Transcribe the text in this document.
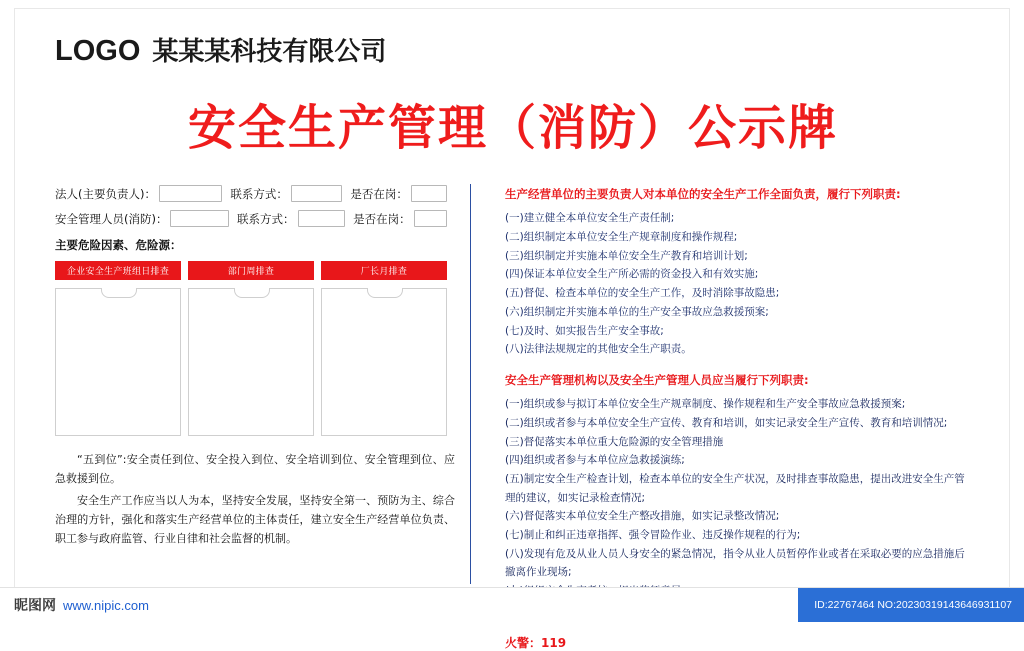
LOGO 某某某科技有限公司
安全生产管理（消防）公示牌
法人(主要负责人)：	联系方式：	是否在岗：
安全管理人员(消防)：	联系方式：	是否在岗：
主要危险因素、危险源：
企业安全生产班组日排查	部门周排查	厂长月排查

“五到位”:安全责任到位、安全投入到位、安全培训到位、安全管理到位、应急救援到位。

安全生产工作应当以人为本，坚持安全发展，坚持安全第一、预防为主、综合治理的方针，强化和落实生产经营单位的主体责任，建立安全生产经营单位负责、职工参与政府监管、行业自律和社会监督的机制。

生产经营单位的主要负责人对本单位的安全生产工作全面负责，履行下列职责:
(一)建立健全本单位安全生产责任制;
(二)组织制定本单位安全生产规章制度和操作规程;
(三)组织制定并实施本单位安全生产教育和培训计划;
(四)保证本单位安全生产所必需的资金投入和有效实施;
(五)督促、检查本单位的安全生产工作，及时消除事故隐患;
(六)组织制定并实施本单位的生产安全事故应急救援预案;
(七)及时、如实报告生产安全事故;
(八)法律法规规定的其他安全生产职责。
安全生产管理机构以及安全生产管理人员应当履行下列职责:
(一)组织或参与拟订本单位安全生产规章制度、操作规程和生产安全事故应急救援预案;
(二)组织或者参与本单位安全生产宣传、教育和培训，如实记录安全生产宣传、教育和培训情况;
(三)督促落实本单位重大危险源的安全管理措施
(四)组织或者参与本单位应急救援演练;
(五)制定安全生产检查计划，检查本单位的安全生产状况，及时排查事故隐患，提出改进安全生产管理的建议，如实记录检查情况;
(六)督促落实本单位安全生产整改措施，如实记录整改情况;
(七)制止和纠正违章指挥、强令冒险作业、违反操作规程的行为;
(八)发现有危及从业人员人身安全的紧急情况，指令从业人员暂停作业或者在采取必要的应急措施后撤离作业现场;
火警：119
昵图网 www.nipic.com	ID:22767464 NO:20230319143646931107
